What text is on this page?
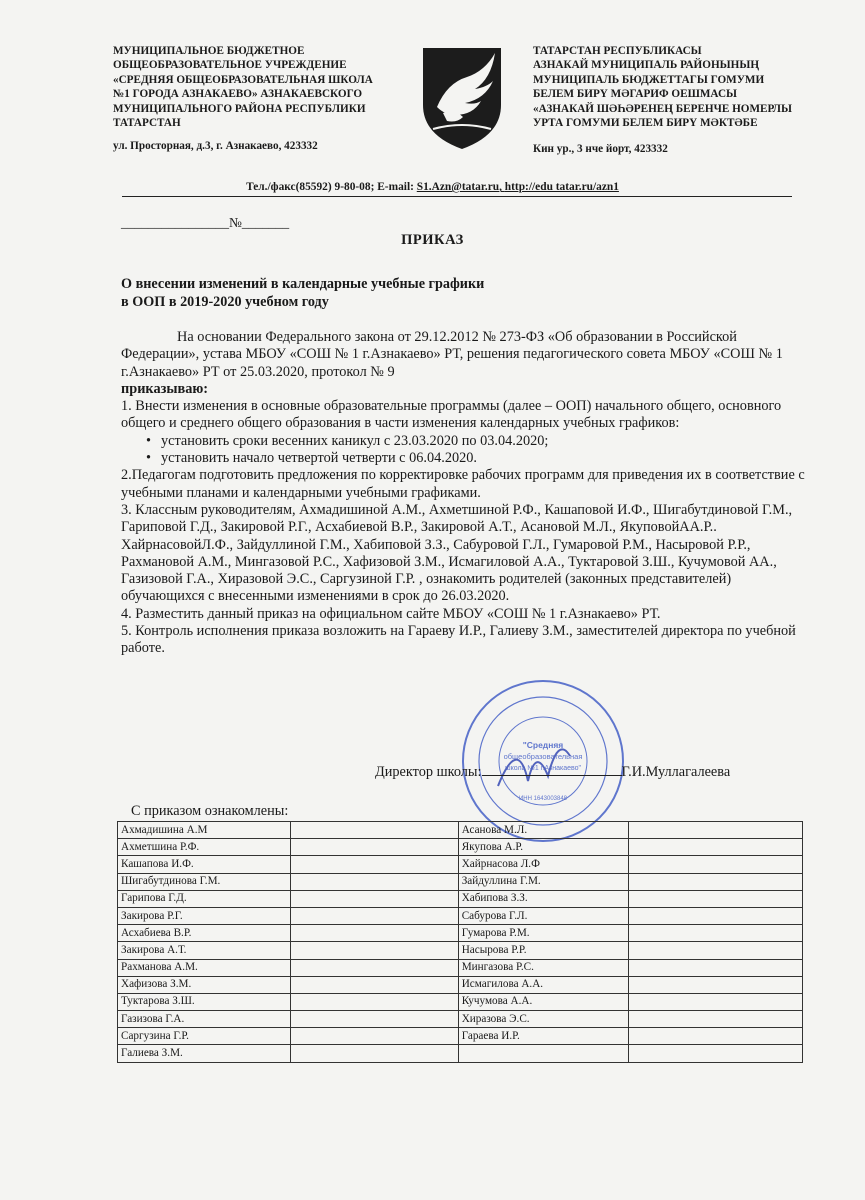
МУНИЦИПАЛЬНОЕ БЮДЖЕТНОЕ
ОБЩЕОБРАЗОВАТЕЛЬНОЕ УЧРЕЖДЕНИЕ
«СРЕДНЯЯ ОБЩЕОБРАЗОВАТЕЛЬНАЯ ШКОЛА
№1 ГОРОДА АЗНАКАЕВО» АЗНАКАЕВСКОГО
МУНИЦИПАЛЬНОГО РАЙОНА РЕСПУБЛИКИ
ТАТАРСТАН
ул. Просторная, д.3, г. Азнакаево, 423332
ТАТАРСТАН РЕСПУБЛИКАСЫ
АЗНАКАЙ МУНИЦИПАЛЬ РАЙОНЫНЫҢ
МУНИЦИПАЛЬ БЮДЖЕТТАГЫ ГОМУМИ
БЕЛЕМ БИРҮ МӘГАРИФ ОЕШМАСЫ
«АЗНАКАЙ ШӘҺӘРЕНЕҢ БЕРЕНЧЕ НОМЕРЛЫ
УРТА ГОМУМИ БЕЛЕМ БИРҮ МӘКТӘБЕ
Кин ур., 3 нче йорт, 423332
Тел./факс(85592) 9-80-08; E-mail: S1.Azn@tatar.ru, http://edu tatar.ru/azn1
________________№_______
ПРИКАЗ
О внесении изменений в календарные учебные графики
в ООП в 2019-2020 учебном году

На основании Федерального закона от 29.12.2012 № 273-ФЗ «Об образовании в Российской Федерации», устава МБОУ «СОШ № 1 г.Азнакаево» РТ, решения педагогического совета МБОУ «СОШ № 1 г.Азнакаево» РТ от 25.03.2020, протокол № 9

приказываю:

1. Внести изменения в основные образовательные программы (далее – ООП) начального общего, основного общего и среднего общего образования в части изменения календарных учебных графиков:

• установить сроки весенних каникул с 23.03.2020 по 03.04.2020;

• установить начало четвертой четверти с 06.04.2020.

2.Педагогам подготовить предложения по корректировке рабочих программ для приведения их в соответствие с учебными планами и календарными учебными графиками.

3. Классным руководителям, Ахмадишиной А.М., Ахметшиной Р.Ф., Кашаповой И.Ф., Шигабутдиновой Г.М., Гариповой Г.Д., Закировой Р.Г., Асхабиевой В.Р., Закировой А.Т., Асановой М.Л., ЯкуповойАА.Р.. ХайрнасовойЛ.Ф., Зайдуллиной Г.М., Хабиповой З.З., Сабуровой Г.Л., Гумаровой Р.М., Насыровой Р.Р., Рахмановой А.М., Мингазовой Р.С., Хафизовой З.М., Исмагиловой А.А., Туктаровой З.Ш., Кучумовой АА., Газизовой Г.А., Хиразовой Э.С., Саргузиной Г.Р. , ознакомить родителей (законных представителей) обучающихся с внесенными изменениями в срок до 26.03.2020.

4. Разместить данный приказ на официальном сайте МБОУ «СОШ № 1 г.Азнакаево» РТ.

5. Контроль исполнения приказа возложить на Гараеву И.Р., Галиеву З.М., заместителей директора по учебной работе.

"Средняя
общеобразовательная
школа №1 г.Азнакаево"
ИНН 1643003848
Директор школы:	Г.И.Муллагалеева
С приказом ознакомлены:
Ахмадишина А.М		Асанова М.Л.	
Ахметшина Р.Ф.		Якупова А.Р.	
Кашапова И.Ф.		Хайрнасова Л.Ф	
Шигабутдинова Г.М.		Зайдуллина Г.М.	
Гарипова Г.Д.		Хабипова З.З.	
Закирова Р.Г.		Сабурова Г.Л.	
Асхабиева В.Р.		Гумарова Р.М.	
Закирова А.Т.		Насырова Р.Р.	
Рахманова А.М.		Мингазова Р.С.	
Хафизова З.М.		Исмагилова А.А.	
Туктарова З.Ш.		Кучумова А.А.	
Газизова Г.А.		Хиразова Э.С.	
Саргузина Г.Р.		Гараева И.Р.	
Галиева З.М.			
